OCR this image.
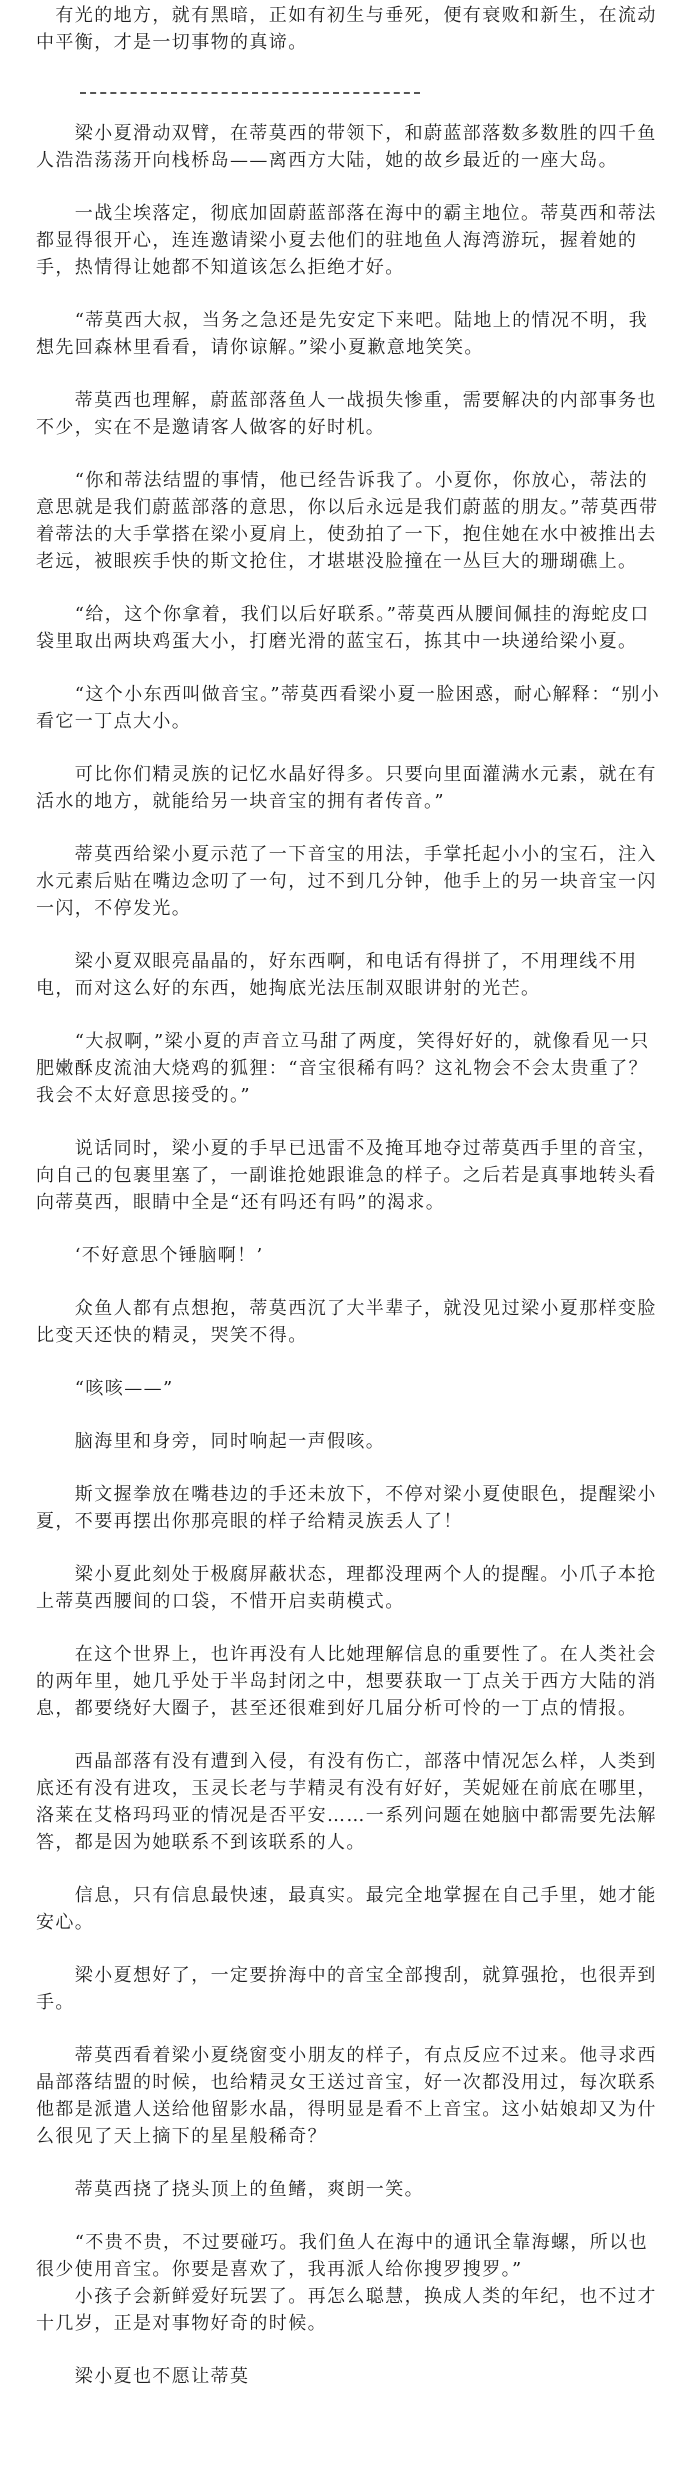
　有光的地方，就有黑暗，正如有初生与垂死，便有衰败和新生，在流动中平衡，才是一切事物的真谛。

　　梁小夏滑动双臂，在蒂莫西的带领下，和蔚蓝部落数多数胜的四千鱼人浩浩荡荡开向栈桥岛——离西方大陆，她的故乡最近的一座大岛。

　　一战尘埃落定，彻底加固蔚蓝部落在海中的霸主地位。蒂莫西和蒂法都显得很开心，连连邀请梁小夏去他们的驻地鱼人海湾游玩，握着她的手，热情得让她都不知道该怎么拒绝才好。

　　“蒂莫西大叔，当务之急还是先安定下来吧。陆地上的情况不明，我想先回森林里看看，请你谅解。”梁小夏歉意地笑笑。

　　蒂莫西也理解，蔚蓝部落鱼人一战损失惨重，需要解决的内部事务也不少，实在不是邀请客人做客的好时机。

　　“你和蒂法结盟的事情，他已经告诉我了。小夏你，你放心，蒂法的意思就是我们蔚蓝部落的意思，你以后永远是我们蔚蓝的朋友。”蒂莫西带着蒂法的大手掌搭在梁小夏肩上，使劲拍了一下，抱住她在水中被推出去老远，被眼疾手快的斯文抢住，才堪堪没脸撞在一丛巨大的珊瑚礁上。

　　“给，这个你拿着，我们以后好联系。”蒂莫西从腰间佩挂的海蛇皮口袋里取出两块鸡蛋大小，打磨光滑的蓝宝石，拣其中一块递给梁小夏。

　　“这个小东西叫做音宝。”蒂莫西看梁小夏一脸困惑，耐心解释：“别小看它一丁点大小。

　　可比你们精灵族的记忆水晶好得多。只要向里面灌满水元素，就在有活水的地方，就能给另一块音宝的拥有者传音。”

　　蒂莫西给梁小夏示范了一下音宝的用法，手掌托起小小的宝石，注入水元素后贴在嘴边念叨了一句，过不到几分钟，他手上的另一块音宝一闪一闪，不停发光。

　　梁小夏双眼亮晶晶的，好东西啊，和电话有得拼了，不用理线不用电，而对这么好的东西，她掏底光法压制双眼讲射的光芒。

　　“大叔啊，”梁小夏的声音立马甜了两度，笑得好好的，就像看见一只肥嫩酥皮流油大烧鸡的狐狸：“音宝很稀有吗？这礼物会不会太贵重了？我会不太好意思接受的。”

　　说话同时，梁小夏的手早已迅雷不及掩耳地夺过蒂莫西手里的音宝，向自己的包裹里塞了，一副谁抢她跟谁急的样子。之后若是真事地转头看向蒂莫西，眼睛中全是“还有吗还有吗”的渴求。

　　‘不好意思个锤脑啊！’

　　众鱼人都有点想抱，蒂莫西沉了大半辈子，就没见过梁小夏那样变脸比变天还快的精灵，哭笑不得。

　　“咳咳——”

　　脑海里和身旁，同时响起一声假咳。

　　斯文握拳放在嘴巷边的手还未放下，不停对梁小夏使眼色，提醒梁小夏，不要再摆出你那亮眼的样子给精灵族丢人了！

　　梁小夏此刻处于极腐屏蔽状态，理都没理两个人的提醒。小爪子本抢上蒂莫西腰间的口袋，不惜开启卖萌模式。

　　在这个世界上，也许再没有人比她理解信息的重要性了。在人类社会的两年里，她几乎处于半岛封闭之中，想要获取一丁点关于西方大陆的消息，都要绕好大圈子，甚至还很难到好几届分析可怜的一丁点的情报。

　　西晶部落有没有遭到入侵，有没有伤亡，部落中情况怎么样，人类到底还有没有进攻，玉灵长老与芋精灵有没有好好，芙妮娅在前底在哪里，洛莱在艾格玛玛亚的情况是否平安……一系列问题在她脑中都需要先法解答，都是因为她联系不到该联系的人。

　　信息，只有信息最快速，最真实。最完全地掌握在自己手里，她才能安心。

　　梁小夏想好了，一定要拚海中的音宝全部搜刮，就算强抢，也很弄到手。

　　蒂莫西看着梁小夏绕窗变小朋友的样子，有点反应不过来。他寻求西晶部落结盟的时候，也给精灵女王送过音宝，好一次都没用过，每次联系他都是派遣人送给他留影水晶，得明显是看不上音宝。这小姑娘却又为什么很见了天上摘下的星星般稀奇？

　　蒂莫西挠了挠头顶上的鱼鳍，爽朗一笑。

　　“不贵不贵，不过要碰巧。我们鱼人在海中的通讯全靠海螺，所以也很少使用音宝。你要是喜欢了，我再派人给你搜罗搜罗。”

　　小孩子会新鲜爱好玩罢了。再怎么聪慧，换成人类的年纪，也不过才十几岁，正是对事物好奇的时候。

　　梁小夏也不愿让蒂莫
